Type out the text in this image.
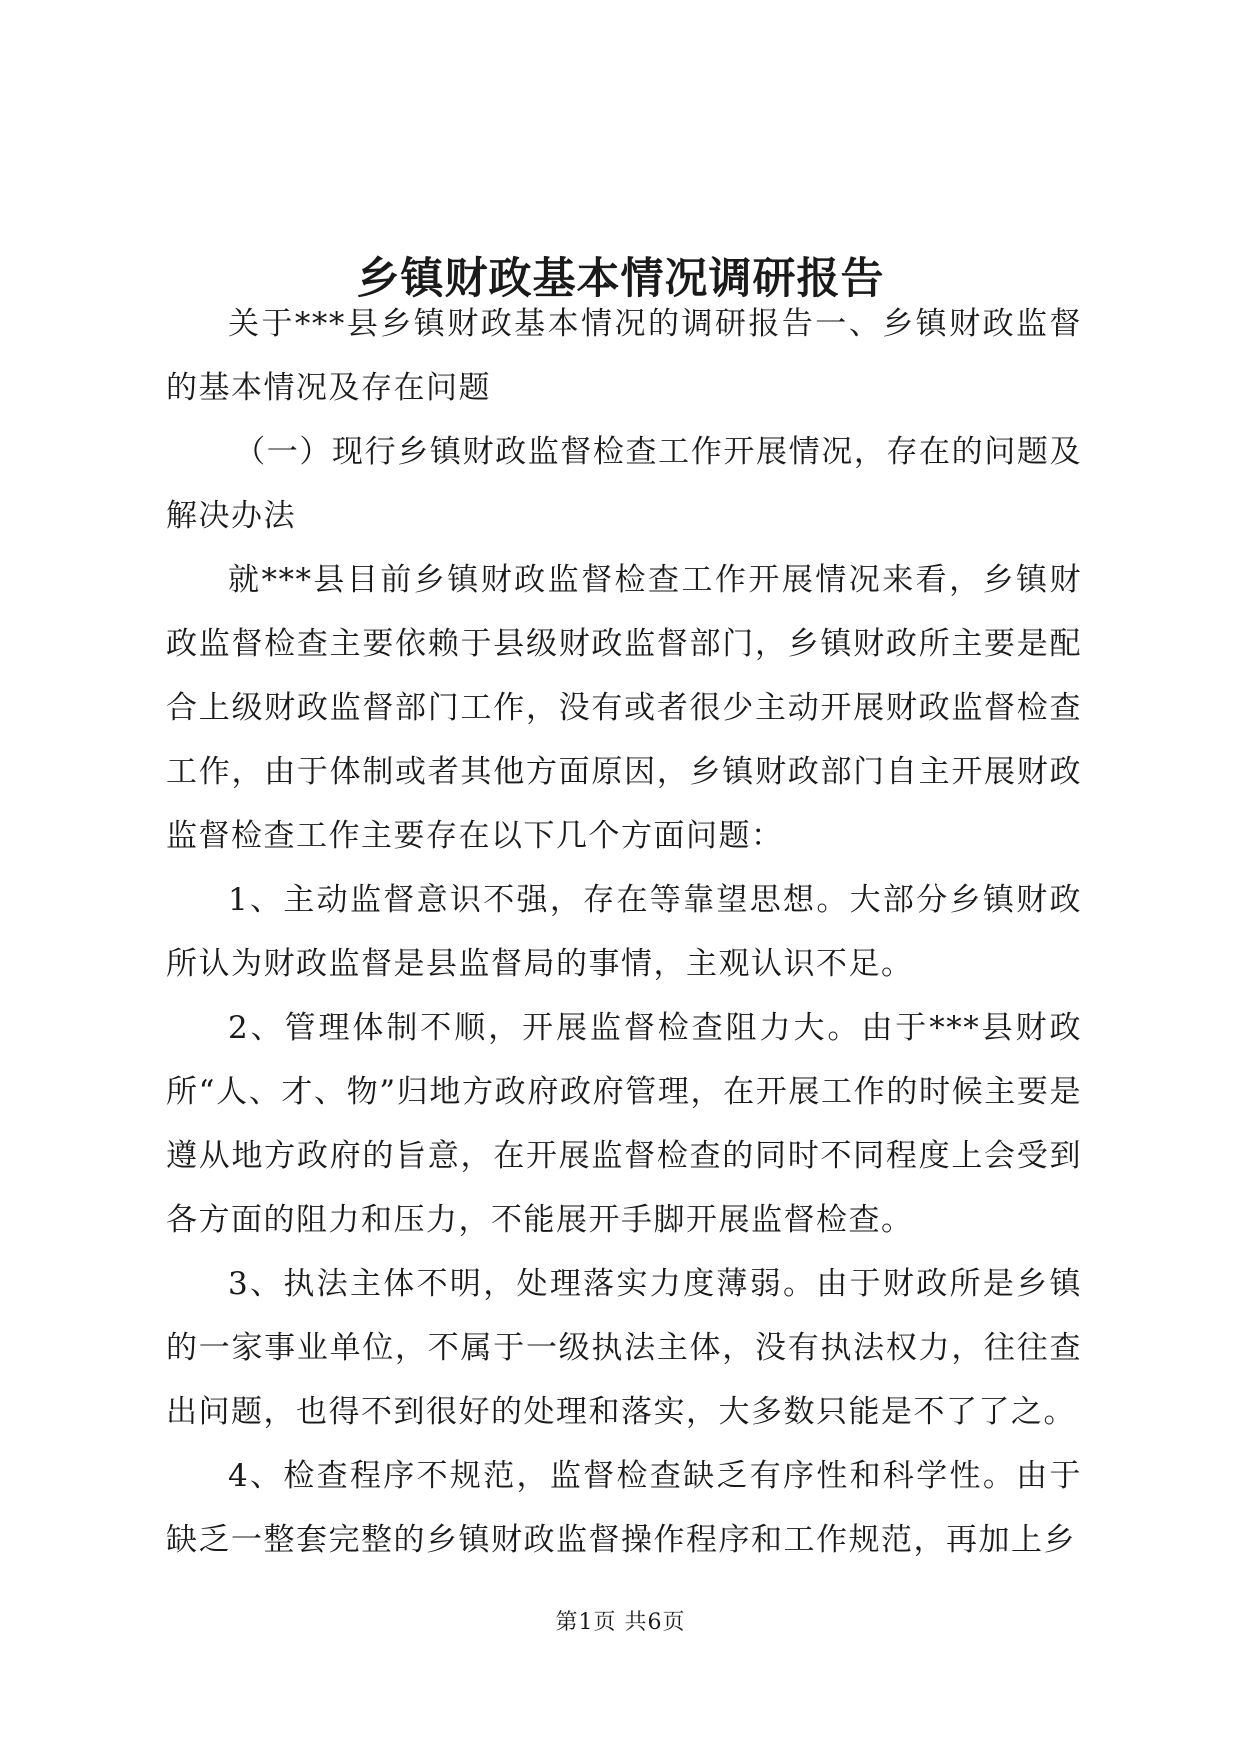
乡镇财政基本情况调研报告

关于***县乡镇财政基本情况的调研报告一、乡镇财政监督的基本情况及存在问题

（一）现行乡镇财政监督检查工作开展情况，存在的问题及解决办法

就***县目前乡镇财政监督检查工作开展情况来看，乡镇财政监督检查主要依赖于县级财政监督部门，乡镇财政所主要是配合上级财政监督部门工作，没有或者很少主动开展财政监督检查工作，由于体制或者其他方面原因，乡镇财政部门自主开展财政监督检查工作主要存在以下几个方面问题：

1、主动监督意识不强，存在等靠望思想。大部分乡镇财政所认为财政监督是县监督局的事情，主观认识不足。

2、管理体制不顺，开展监督检查阻力大。由于***县财政所“人、才、物”归地方政府政府管理，在开展工作的时候主要是遵从地方政府的旨意，在开展监督检查的同时不同程度上会受到各方面的阻力和压力，不能展开手脚开展监督检查。

3、执法主体不明，处理落实力度薄弱。由于财政所是乡镇的一家事业单位，不属于一级执法主体，没有执法权力，往往查出问题，也得不到很好的处理和落实，大多数只能是不了了之。

4、检查程序不规范，监督检查缺乏有序性和科学性。由于缺乏一整套完整的乡镇财政监督操作程序和工作规范，再加上乡

第1页 共6页
